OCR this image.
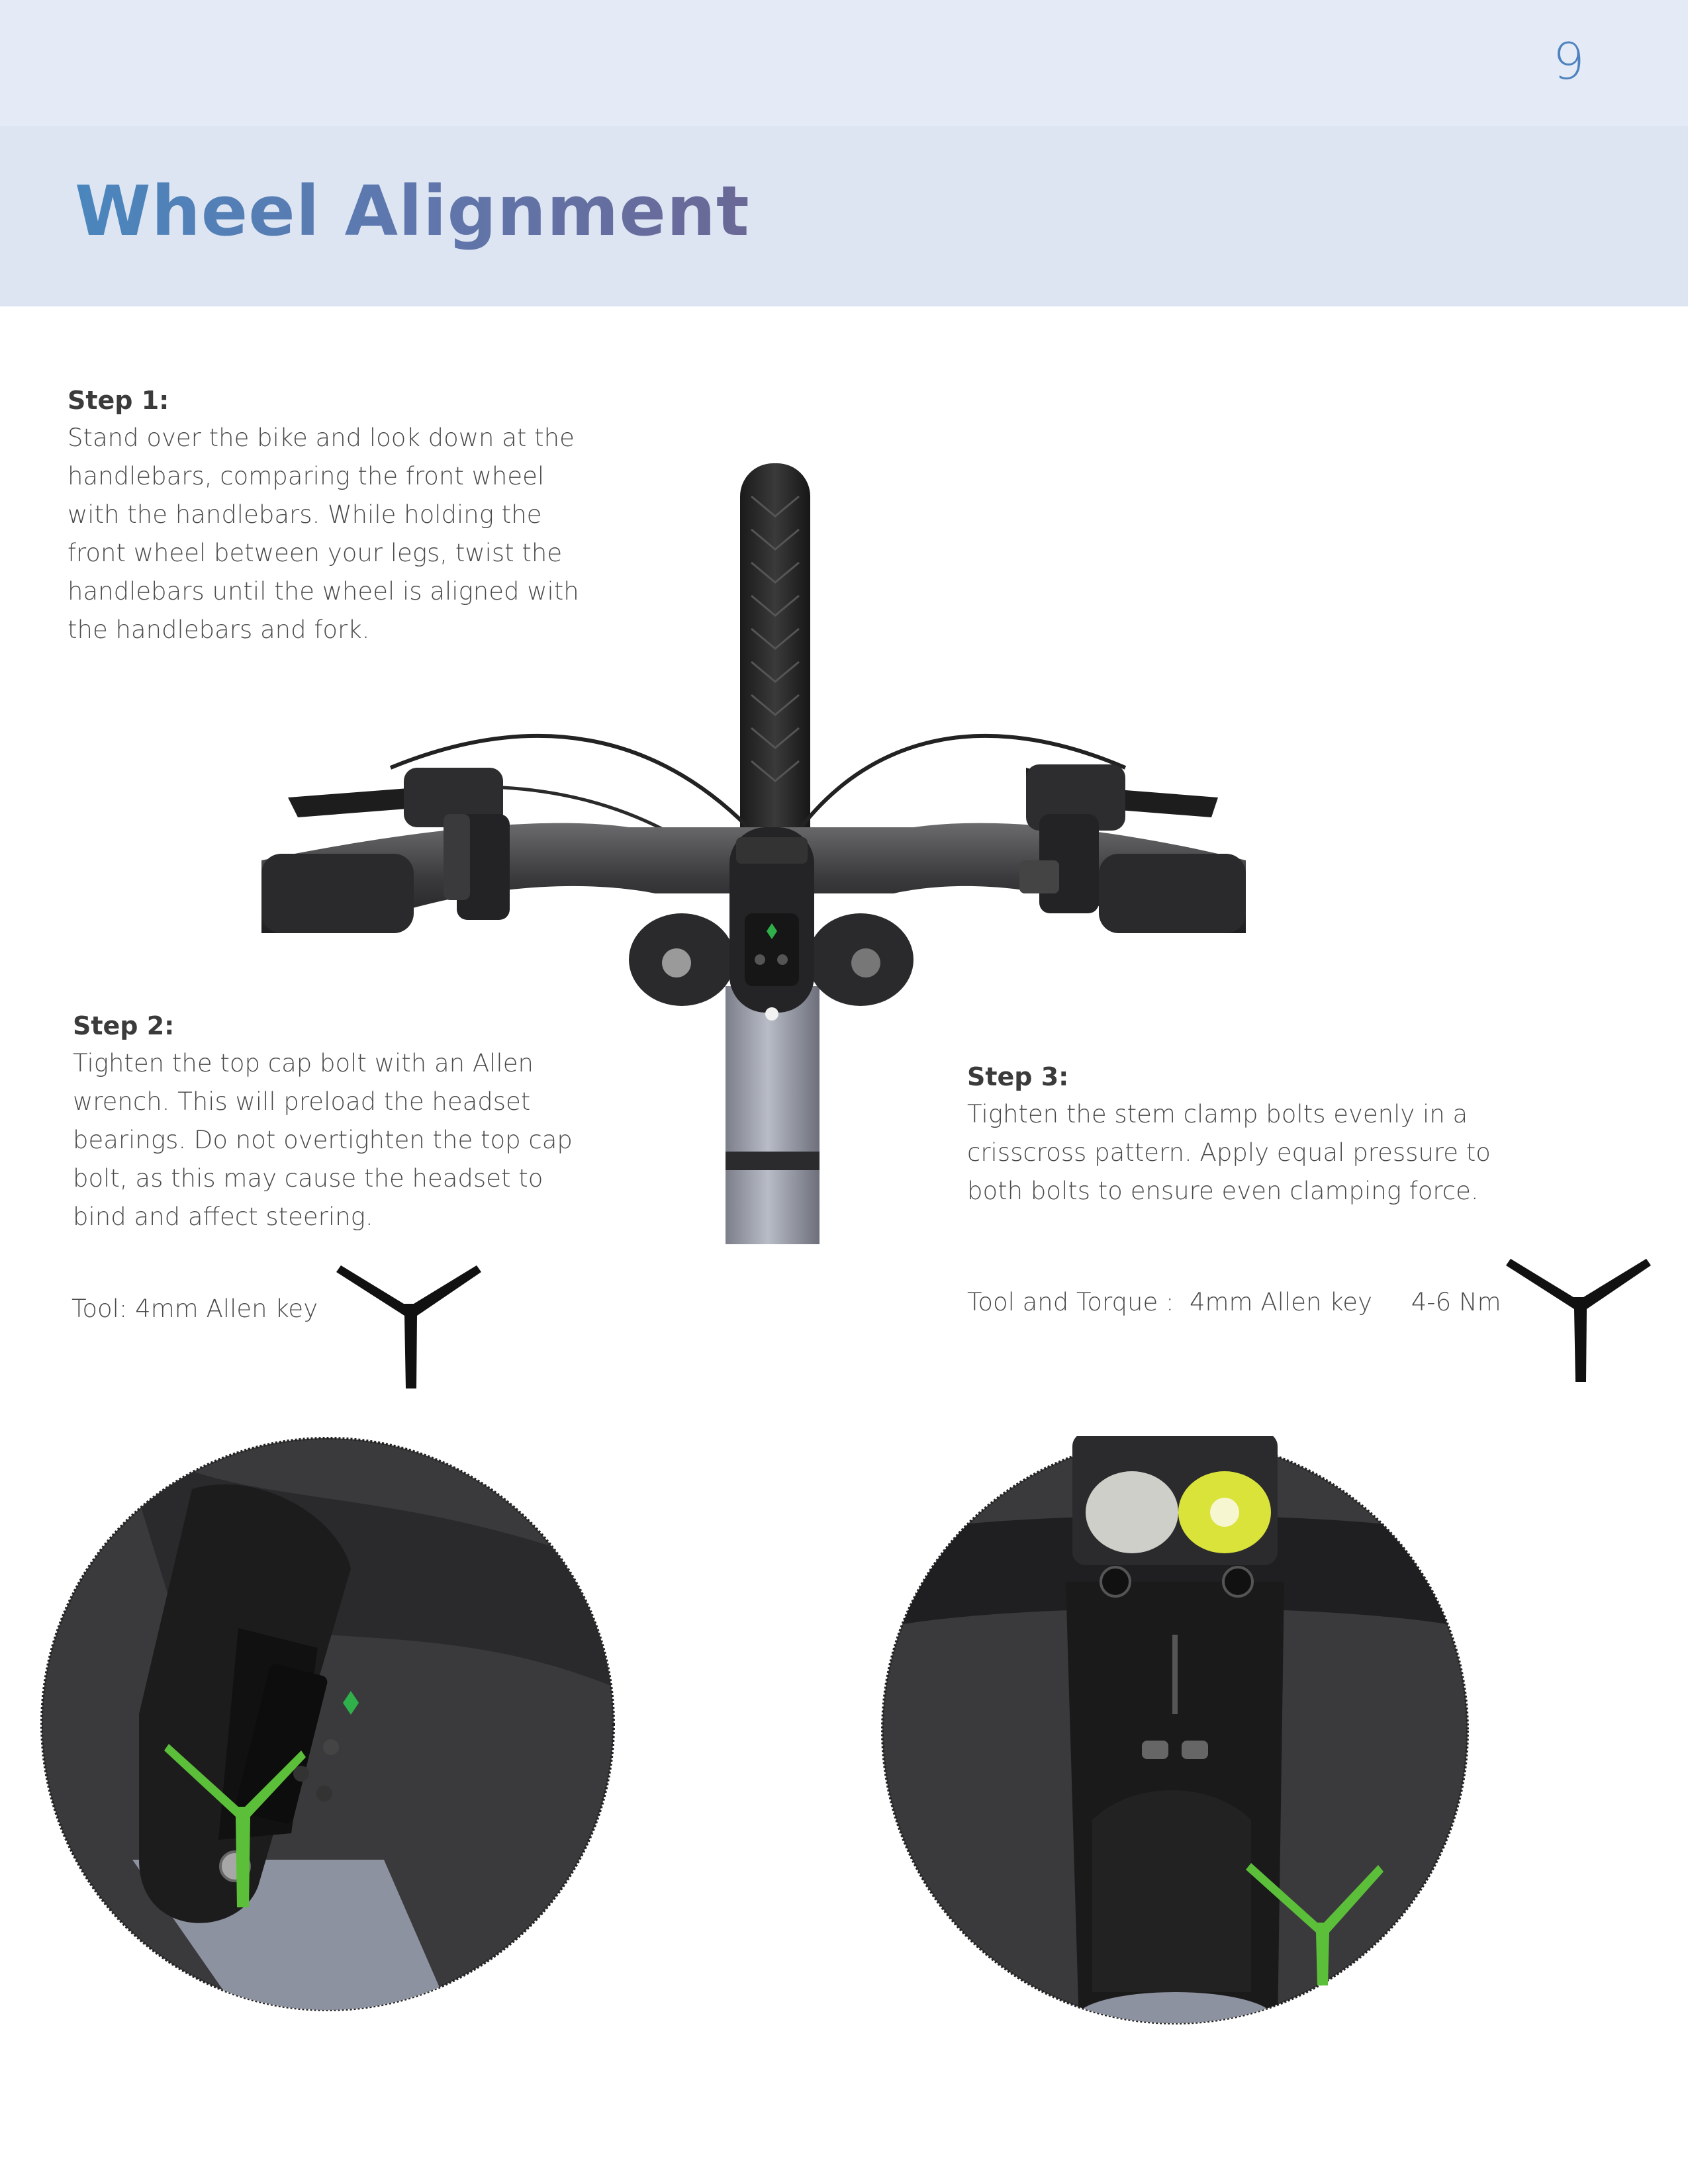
9
Wheel Alignment
Step 1:

Stand over the bike and look down at the handlebars, comparing the front wheel with the handlebars. While holding the front wheel between your legs, twist the handlebars until the wheel is aligned with the handlebars and fork.

Step 2:

Tighten the top cap bolt with an Allen wrench. This will preload the headset bearings. Do not overtighten the top cap bolt, as this may cause the headset to bind and affect steering.

Tool: 4mm Allen key
Step 3:

Tighten the stem clamp bolts evenly in a crisscross pattern. Apply equal pressure to both bolts to ensure even clamping force.

Tool and Torque :  4mm Allen key     4-6 Nm
